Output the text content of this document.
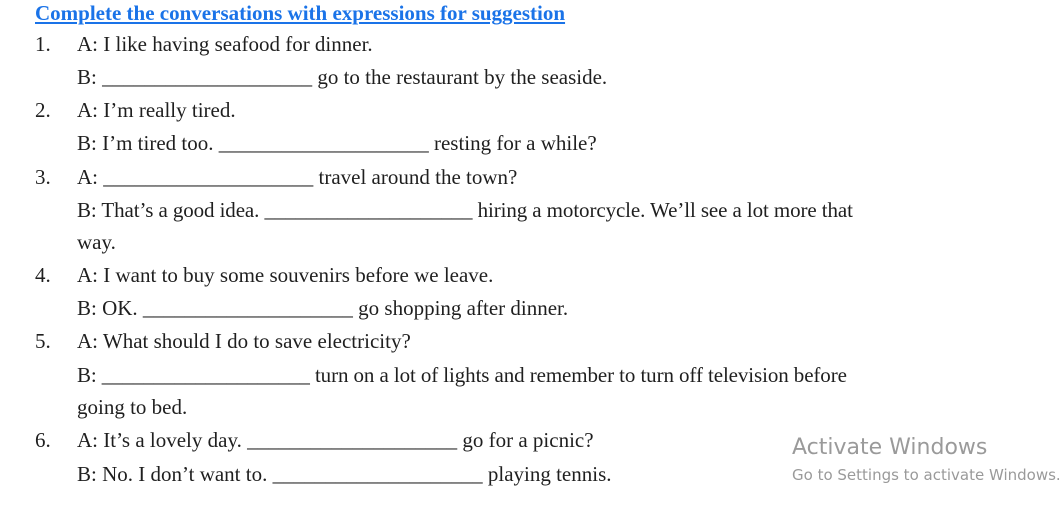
Complete the conversations with expressions for suggestion
1. A: I like having seafood for dinner.
B: ____________________ go to the restaurant by the seaside.
2. A: I’m really tired.
B: I’m tired too. ____________________ resting for a while?
3. A: ____________________ travel around the town?
B: That’s a good idea. ____________________ hiring a motorcycle. We’ll see a lot more that
way.
4. A: I want to buy some souvenirs before we leave.
B: OK. ____________________ go shopping after dinner.
5. A: What should I do to save electricity?
B: ____________________ turn on a lot of lights and remember to turn off television before
going to bed.
6. A: It’s a lovely day. ____________________ go for a picnic?
B: No. I don’t want to. ____________________ playing tennis.
Activate Windows
Go to Settings to activate Windows.
